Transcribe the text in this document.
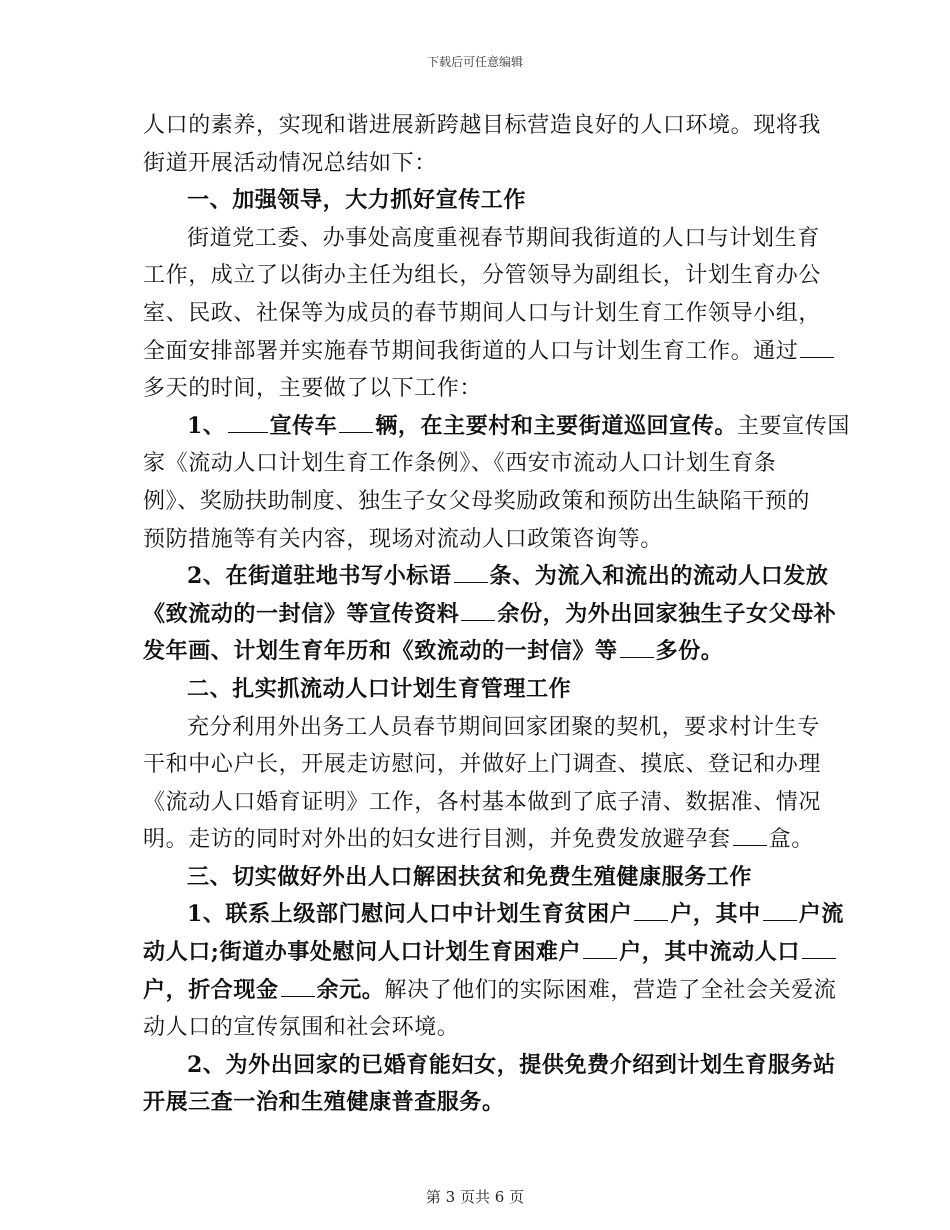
下载后可任意编辑
人口的素养，实现和谐进展新跨越目标营造良好的人口环境。现将我
街道开展活动情况总结如下：
一、加强领导，大力抓好宣传工作
街道党工委、办事处高度重视春节期间我街道的人口与计划生育
工作，成立了以街办主任为组长，分管领导为副组长，计划生育办公
室、民政、社保等为成员的春节期间人口与计划生育工作领导小组，
全面安排部署并实施春节期间我街道的人口与计划生育工作。通过
多天的时间，主要做了以下工作：
1、 宣传车 辆，在主要村和主要街道巡回宣传。主要宣传国
家《流动人口计划生育工作条例》、《西安市流动人口计划生育条
例》、奖励扶助制度、独生子女父母奖励政策和预防出生缺陷干预的
预防措施等有关内容，现场对流动人口政策咨询等。
2、在街道驻地书写小标语 条、为流入和流出的流动人口发放
《致流动的一封信》等宣传资料 余份，为外出回家独生子女父母补
发年画、计划生育年历和《致流动的一封信》等 多份。
二、扎实抓流动人口计划生育管理工作
充分利用外出务工人员春节期间回家团聚的契机，要求村计生专
干和中心户长，开展走访慰问，并做好上门调查、摸底、登记和办理
《流动人口婚育证明》工作，各村基本做到了底子清、数据准、情况
明。走访的同时对外出的妇女进行目测，并免费发放避孕套 盒。
三、切实做好外出人口解困扶贫和免费生殖健康服务工作
1、联系上级部门慰问人口中计划生育贫困户 户，其中 户流
动人口;街道办事处慰问人口计划生育困难户 户，其中流动人口
户，折合现金 余元。解决了他们的实际困难，营造了全社会关爱流
动人口的宣传氛围和社会环境。
2、为外出回家的已婚育能妇女，提供免费介绍到计划生育服务站
开展三查一治和生殖健康普查服务。
第 3 页共 6 页
